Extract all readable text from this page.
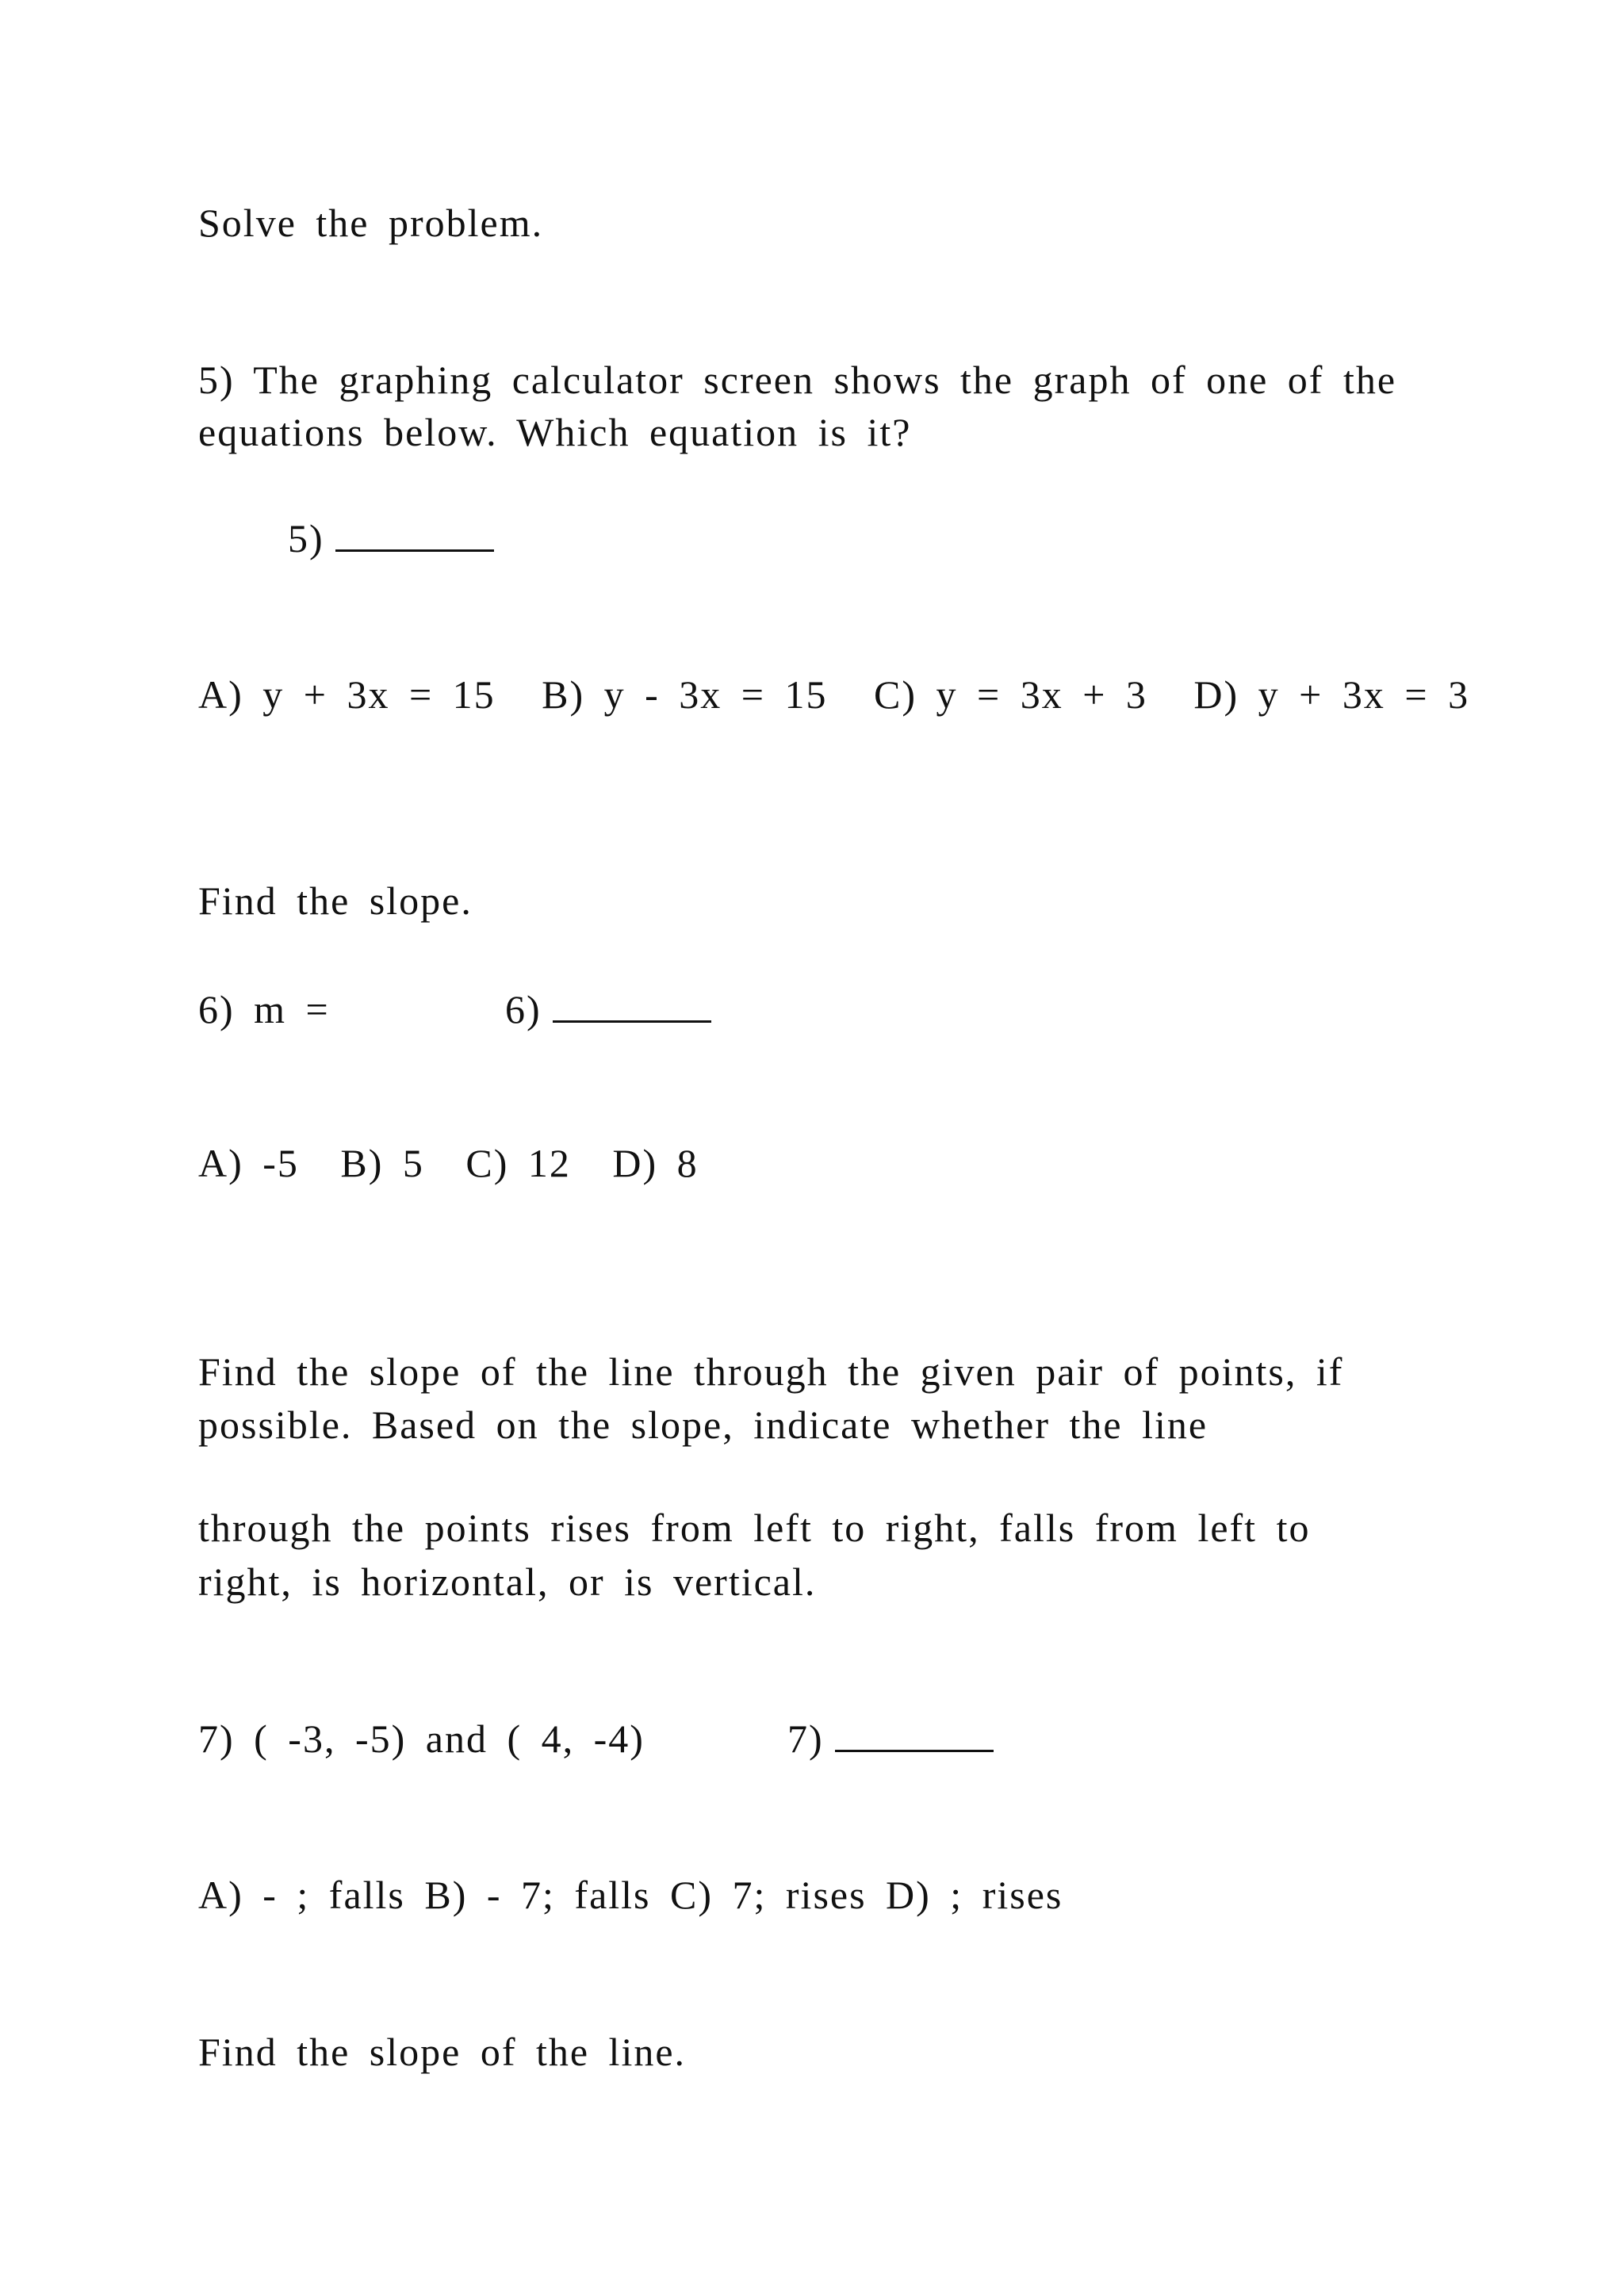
Solve the problem.
5) The graphing calculator screen shows the graph of one of the
equations below. Which equation is it?
5)
A) y + 3x = 15 B) y - 3x = 15 C) y = 3x + 3 D) y + 3x = 3
Find the slope.
6) m =	6)
A) -5 B) 5 C) 12 D) 8
Find the slope of the line through the given pair of points, if
possible. Based on the slope, indicate whether the line
through the points rises from left to right, falls from left to
right, is horizontal, or is vertical.
7) ( -3, -5) and ( 4, -4)	7)
A) - ; falls B) - 7; falls C) 7; rises D) ; rises
Find the slope of the line.
